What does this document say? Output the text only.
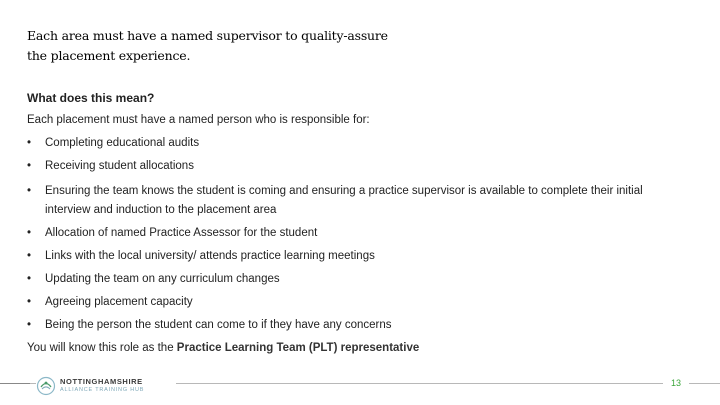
Each area must have a named supervisor to quality-assure
the placement experience.
What does this mean?
Each placement must have a named person who is responsible for:
• Completing educational audits
• Receiving student allocations
• Ensuring the team knows the student is coming and ensuring a practice supervisor is available to complete their initial interview and induction to the placement area
• Allocation of named Practice Assessor for the student
• Links with the local university/ attends practice learning meetings
• Updating the team on any curriculum changes
• Agreeing placement capacity
• Being the person the student can come to if they have any concerns
You will know this role as the Practice Learning Team (PLT) representative
NOTTINGHAMSHIRE
ALLIANCE TRAINING HUB
13
